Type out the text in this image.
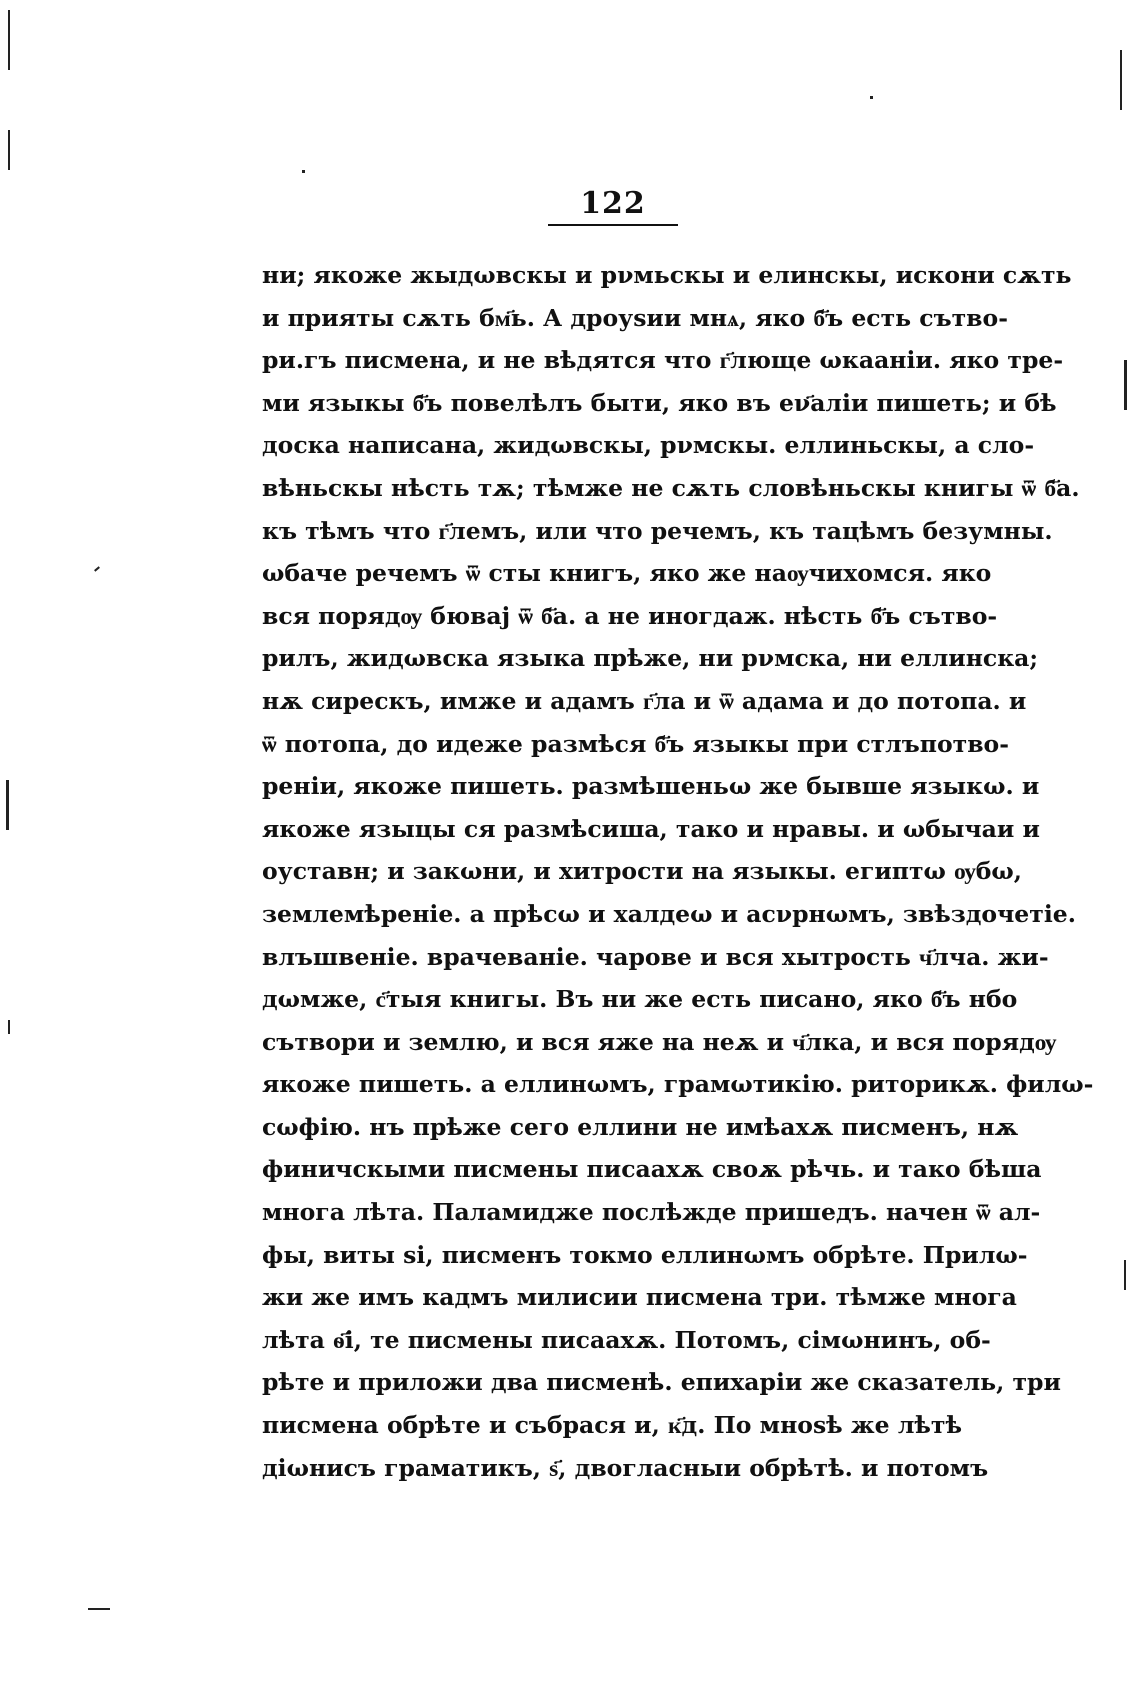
122
ни; якоже жыдωвскы и рνмьскы и елинскы, искони сѫть
и прияты сѫть бм҃ь. А дроуѕии мнѧ, яко б҃ъ есть сътво-
ри.гъ писмена, и не вѣдятся что г҃люще ωкааніи. яко тре-
ми языкы б҃ъ повелѣлъ быти, яко въ еν҃аліи пишеть; и бѣ
доска написана, жидωвскы, рνмскы. еллиньскы, а сло-
вѣньскы нѣсть тѫ; тѣмже не сѫть словѣньскы книгы ѿ б҃а.
къ тѣмъ что г҃лемъ, или что речемъ, къ тацѣмъ безумны.
ωбаче речемъ ѿ сты книгъ, яко же наѹчихомся. яко
вся порядѹ бювај ѿ б҃а. а не иногдаж. нѣсть б҃ъ сътво-
рилъ, жидωвска языка прѣже, ни рνмска, ни еллинска;
нѫ сирескъ, имже и адамъ г҃ла и ѿ адама и до потопа. и
ѿ потопа, до идеже размѣся б҃ъ языкы при стлъпотво-
реніи, якоже пишеть. размѣшеньω же бывше языкω. и
якоже языцы ся размѣсиша, тако и нравы. и ωбычаи и
оуставн; и закωни, и хитрости на языкы. египтω ѹбω,
землемѣреніе. а прѣсω и халдеω и асνрнωмъ, звѣздочетіе.
влъшвеніе. врачеваніе. чарове и вся хытрость ч҃лча. жи-
дωмже, с҃тыя книгы. Въ ни же есть писано, яко б҃ъ нбо
сътвори и землю, и вся яже на неѫ и ч҃лка, и вся порядѹ
якоже пишеть. а еллинωмъ, грамωтикію. риторикѫ. филω-
сωфію. нъ прѣже сего еллини не имѣахѫ писменъ, нѫ
финичскыми писмены писаахѫ своѫ рѣчь. и тако бѣша
многа лѣта. Паламидже послѣжде пришедъ. начен ѿ ал-
фы, виты ѕі, писменъ токмо еллинωмъ обрѣте. Прилω-
жи же имъ кадмъ милисии писмена три. тѣмже многа
лѣта ѳ҃і, те писмены писаахѫ. Потомъ, сімωнинъ, об-
рѣте и приложи два писменѣ. епихаріи же сказатель, три
писмена обрѣте и събрася и, к҃д. По мноѕѣ же лѣтѣ
діωнисъ граматикъ, ѕ҃, двогласныи обрѣтѣ. и потомъ
